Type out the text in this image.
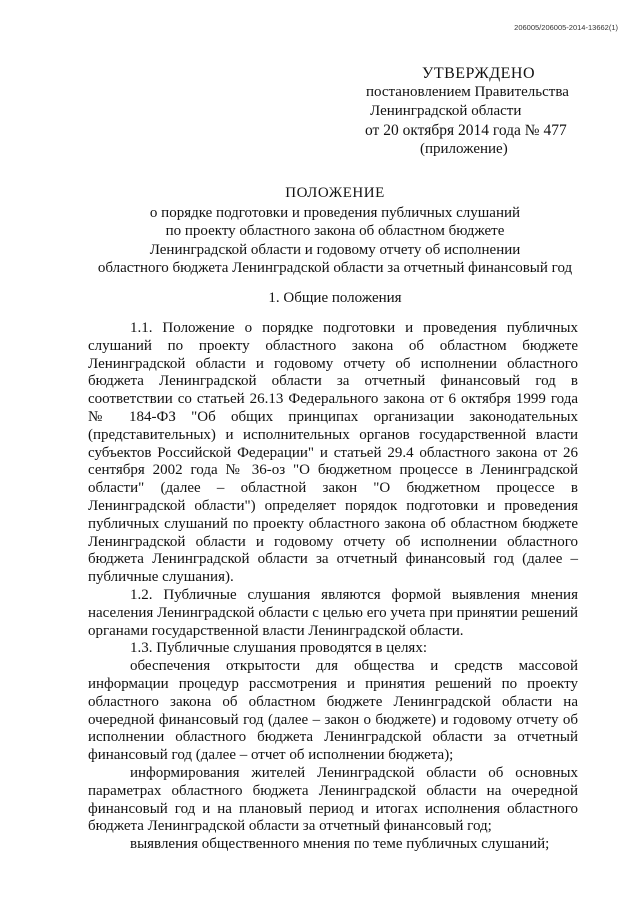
206005/206005-2014-13662(1)
УТВЕРЖДЕНО
постановлением Правительства
Ленинградской области
от 20 октября 2014 года № 477
(приложение)
ПОЛОЖЕНИЕ
о порядке подготовки и проведения публичных слушаний
по проекту областного закона об областном бюджете
Ленинградской области и годовому отчету об исполнении
областного бюджета Ленинградской области за отчетный финансовый год
1. Общие положения

1.1. Положение о порядке подготовки и проведения публичных слушаний по проекту областного закона об областном бюджете Ленинградской области и годовому отчету об исполнении областного бюджета Ленинградской области за отчетный финансовый год в соответствии со статьей 26.13 Федерального закона от 6 октября 1999 года № 184-ФЗ "Об общих принципах организации законодательных (представительных) и исполнительных органов государственной власти субъектов Российской Федерации" и статьей 29.4 областного закона от 26 сентября 2002 года № 36-оз "О бюджетном процессе в Ленинградской области" (далее – областной закон "О бюджетном процессе в Ленинградской области") определяет порядок подготовки и проведения публичных слушаний по проекту областного закона об областном бюджете Ленинградской области и годовому отчету об исполнении областного бюджета Ленинградской области за отчетный финансовый год (далее – публичные слушания).

1.2. Публичные слушания являются формой выявления мнения населения Ленинградской области с целью его учета при принятии решений органами государственной власти Ленинградской области.

1.3. Публичные слушания проводятся в целях:

обеспечения открытости для общества и средств массовой информации процедур рассмотрения и принятия решений по проекту областного закона об областном бюджете Ленинградской области на очередной финансовый год (далее – закон о бюджете) и годовому отчету об исполнении областного бюджета Ленинградской области за отчетный финансовый год (далее – отчет об исполнении бюджета);

информирования жителей Ленинградской области об основных параметрах областного бюджета Ленинградской области на очередной финансовый год и на плановый период и итогах исполнения областного бюджета Ленинградской области за отчетный финансовый год;

выявления общественного мнения по теме публичных слушаний;
